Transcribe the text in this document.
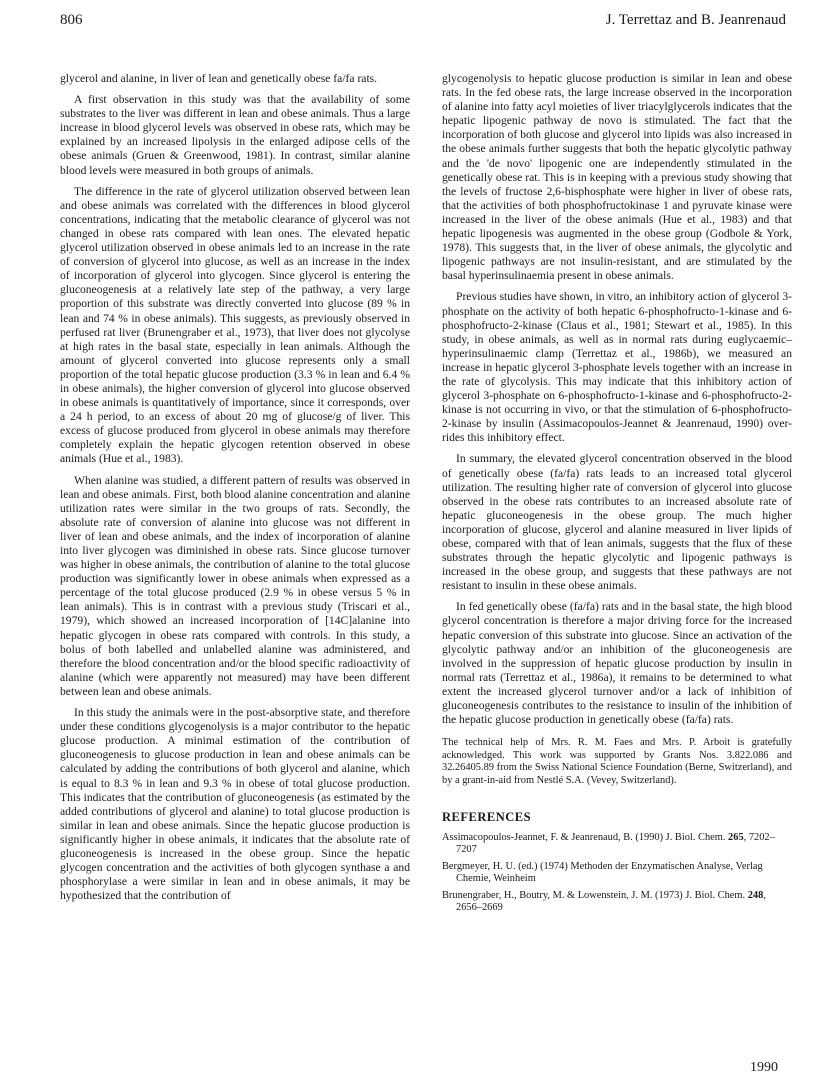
806	J. Terrettaz and B. Jeanrenaud

glycerol and alanine, in liver of lean and genetically obese fa/fa rats.

A first observation in this study was that the availability of some substrates to the liver was different in lean and obese animals. Thus a large increase in blood glycerol levels was observed in obese rats, which may be explained by an increased lipolysis in the enlarged adipose cells of the obese animals (Gruen & Greenwood, 1981). In contrast, similar alanine blood levels were measured in both groups of animals.

The difference in the rate of glycerol utilization observed between lean and obese animals was correlated with the differences in blood glycerol concentrations, indicating that the metabolic clearance of glycerol was not changed in obese rats compared with lean ones. The elevated hepatic glycerol utilization observed in obese animals led to an increase in the rate of conversion of glycerol into glucose, as well as an increase in the index of incorporation of glycerol into glycogen. Since glycerol is entering the gluconeogenesis at a relatively late step of the pathway, a very large proportion of this substrate was directly converted into glucose (89 % in lean and 74 % in obese animals). This suggests, as previously observed in perfused rat liver (Brunengraber et al., 1973), that liver does not glycolyse at high rates in the basal state, especially in lean animals. Although the amount of glycerol converted into glucose represents only a small proportion of the total hepatic glucose production (3.3 % in lean and 6.4 % in obese animals), the higher conversion of glycerol into glucose observed in obese animals is quantitatively of importance, since it corresponds, over a 24 h period, to an excess of about 20 mg of glucose/g of liver. This excess of glucose produced from glycerol in obese animals may therefore completely explain the hepatic glycogen retention observed in obese animals (Hue et al., 1983).

When alanine was studied, a different pattern of results was observed in lean and obese animals. First, both blood alanine concentration and alanine utilization rates were similar in the two groups of rats. Secondly, the absolute rate of conversion of alanine into glucose was not different in liver of lean and obese animals, and the index of incorporation of alanine into liver glycogen was diminished in obese rats. Since glucose turnover was higher in obese animals, the contribution of alanine to the total glucose production was significantly lower in obese animals when expressed as a percentage of the total glucose produced (2.9 % in obese versus 5 % in lean animals). This is in contrast with a previous study (Triscari et al., 1979), which showed an increased incorporation of [14C]alanine into hepatic glycogen in obese rats compared with controls. In this study, a bolus of both labelled and unlabelled alanine was administered, and therefore the blood concentration and/or the blood specific radioactivity of alanine (which were apparently not measured) may have been different between lean and obese animals.

In this study the animals were in the post-absorptive state, and therefore under these conditions glycogenolysis is a major contributor to the hepatic glucose production. A minimal estimation of the contribution of gluconeogenesis to glucose production in lean and obese animals can be calculated by adding the contributions of both glycerol and alanine, which is equal to 8.3 % in lean and 9.3 % in obese of total glucose production. This indicates that the contribution of gluconeogenesis (as estimated by the added contributions of glycerol and alanine) to total glucose production is similar in lean and obese animals. Since the hepatic glucose production is significantly higher in obese animals, it indicates that the absolute rate of gluconeogenesis is increased in the obese group. Since the hepatic glycogen concentration and the activities of both glycogen synthase a and phosphorylase a were similar in lean and in obese animals, it may be hypothesized that the contribution of

glycogenolysis to hepatic glucose production is similar in lean and obese rats. In the fed obese rats, the large increase observed in the incorporation of alanine into fatty acyl moieties of liver triacylglycerols indicates that the hepatic lipogenic pathway de novo is stimulated. The fact that the incorporation of both glucose and glycerol into lipids was also increased in the obese animals further suggests that both the hepatic glycolytic pathway and the 'de novo' lipogenic one are independently stimulated in the genetically obese rat. This is in keeping with a previous study showing that the levels of fructose 2,6-bisphosphate were higher in liver of obese rats, that the activities of both phosphofructokinase 1 and pyruvate kinase were increased in the liver of the obese animals (Hue et al., 1983) and that hepatic lipogenesis was augmented in the obese group (Godbole & York, 1978). This suggests that, in the liver of obese animals, the glycolytic and lipogenic pathways are not insulin-resistant, and are stimulated by the basal hyperinsulinaemia present in obese animals.

Previous studies have shown, in vitro, an inhibitory action of glycerol 3-phosphate on the activity of both hepatic 6-phosphofructo-1-kinase and 6-phosphofructo-2-kinase (Claus et al., 1981; Stewart et al., 1985). In this study, in obese animals, as well as in normal rats during euglycaemic–hyperinsulinaemic clamp (Terrettaz et al., 1986b), we measured an increase in hepatic glycerol 3-phosphate levels together with an increase in the rate of glycolysis. This may indicate that this inhibitory action of glycerol 3-phosphate on 6-phosphofructo-1-kinase and 6-phosphofructo-2-kinase is not occurring in vivo, or that the stimulation of 6-phosphofructo-2-kinase by insulin (Assimacopoulos-Jeannet & Jeanrenaud, 1990) over-rides this inhibitory effect.

In summary, the elevated glycerol concentration observed in the blood of genetically obese (fa/fa) rats leads to an increased total glycerol utilization. The resulting higher rate of conversion of glycerol into glucose observed in the obese rats contributes to an increased absolute rate of hepatic gluconeogenesis in the obese group. The much higher incorporation of glucose, glycerol and alanine measured in liver lipids of obese, compared with that of lean animals, suggests that the flux of these substrates through the hepatic glycolytic and lipogenic pathways is increased in the obese group, and suggests that these pathways are not resistant to insulin in these obese animals.

In fed genetically obese (fa/fa) rats and in the basal state, the high blood glycerol concentration is therefore a major driving force for the increased hepatic conversion of this substrate into glucose. Since an activation of the glycolytic pathway and/or an inhibition of the gluconeogenesis are involved in the suppression of hepatic glucose production by insulin in normal rats (Terrettaz et al., 1986a), it remains to be determined to what extent the increased glycerol turnover and/or a lack of inhibition of gluconeogenesis contributes to the resistance to insulin of the inhibition of the hepatic glucose production in genetically obese (fa/fa) rats.

The technical help of Mrs. R. M. Faes and Mrs. P. Arboit is gratefully acknowledged. This work was supported by Grants Nos. 3.822.086 and 32.26405.89 from the Swiss National Science Foundation (Berne, Switzerland), and by a grant-in-aid from Nestlé S.A. (Vevey, Switzerland).

REFERENCES

Assimacopoulos-Jeannet, F. & Jeanrenaud, B. (1990) J. Biol. Chem. 265, 7202–7207

Bergmeyer, H. U. (ed.) (1974) Methoden der Enzymatischen Analyse, Verlag Chemie, Weinheim

Brunengraber, H., Boutry, M. & Lowenstein, J. M. (1973) J. Biol. Chem. 248, 2656–2669

1990
